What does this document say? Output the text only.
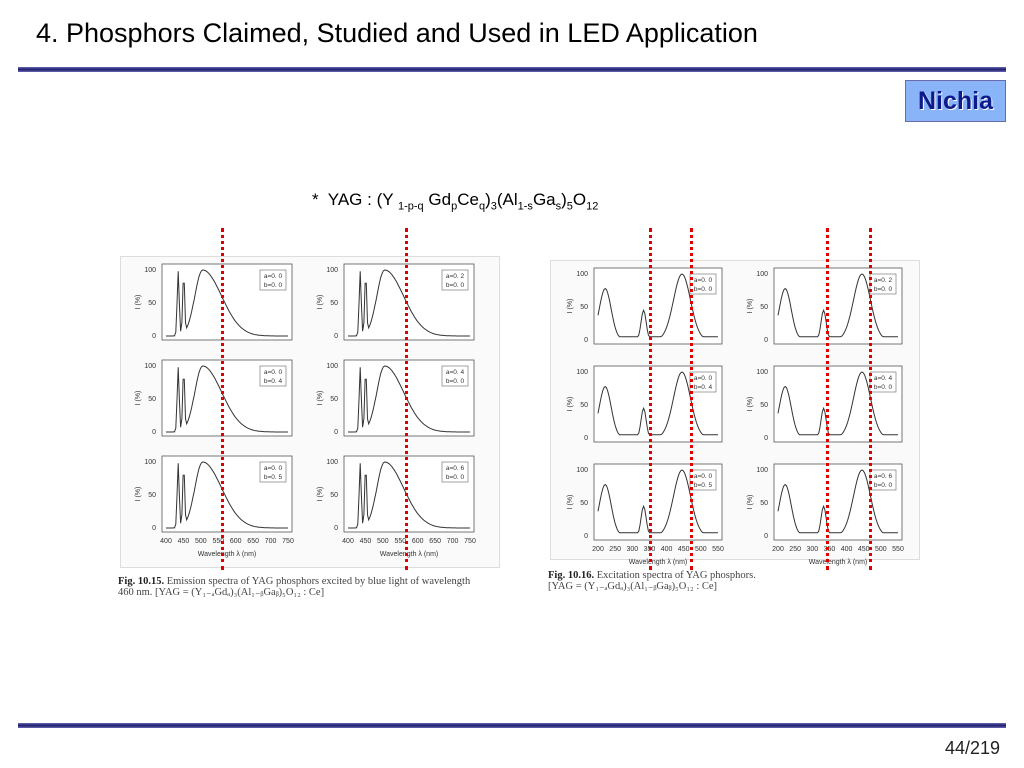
4. Phosphors Claimed, Studied and Used in LED Application
Nichia
* YAG : (Y $_{1-p-q}$ $Gd_pCe_q)_3(Al_{1-s}Ga_s)_5O_{12}$
100
50
0
I (%)
a=0. 0
b=0. 0
100
50
0
I (%)
a=0. 2
b=0. 0
100
50
0
I (%)
a=0. 0
b=0. 4
100
50
0
I (%)
a=0. 4
b=0. 0
100
50
0
I (%)
a=0. 0
b=0. 5
400 450 500 550 600 650 700 750
Wavelength λ (nm)
100
50
0
I (%)
a=0. 6
b=0. 0
400 450 500 550 600 650 700 750
Wavelength λ (nm)
100
50
0
I (%)
a=0. 0
b=0. 0
100
50
0
I (%)
a=0. 2
b=0. 0
100
50
0
I (%)
a=0. 0
b=0. 4
100
50
0
I (%)
a=0. 4
b=0. 0
100
50
0
I (%)
a=0. 0
b=0. 5
200 250 300 350 400 450 500 550
Wavelength λ (nm)
100
50
0
I (%)
a=0. 6
b=0. 0
200 250 300 350 400 450 500 550
Wavelength λ (nm)
Fig. 10.15. Emission spectra of YAG phosphors excited by blue light of wavelength
460 nm. [YAG = (Y₁₋ₐGdₐ)₃(Al₁₋ᵦGaᵦ)₅O₁₂ : Ce]
Fig. 10.16. Excitation spectra of YAG phosphors.
[YAG = (Y₁₋ₐGdₐ)₃(Al₁₋ᵦGaᵦ)₅O₁₂ : Ce]
44/219
